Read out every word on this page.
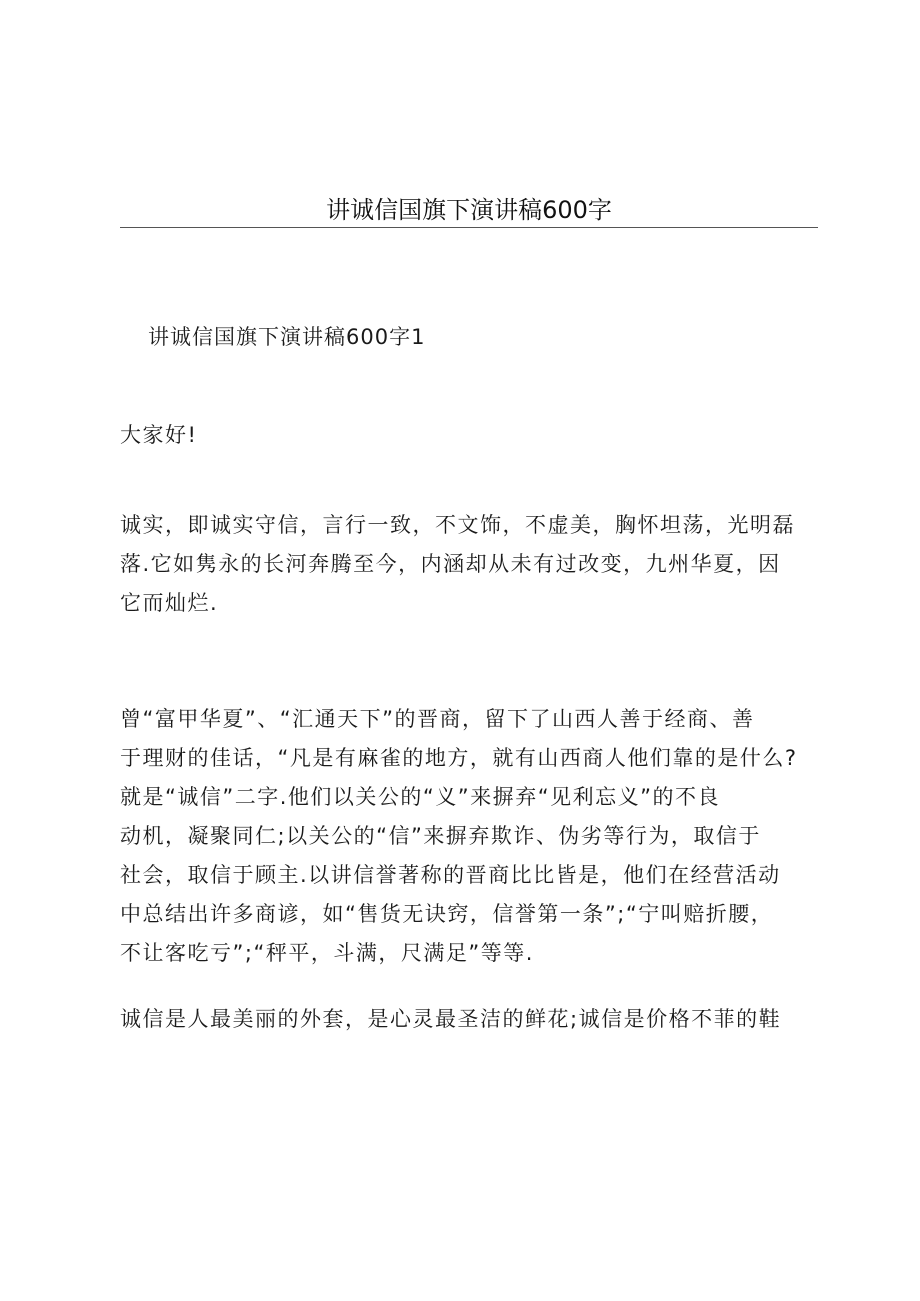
讲诚信国旗下演讲稿600字
讲诚信国旗下演讲稿600字1
大家好!
诚实，即诚实守信，言行一致，不文饰，不虚美，胸怀坦荡，光明磊
落.它如隽永的长河奔腾至今，内涵却从未有过改变，九州华夏，因
它而灿烂.
曾“富甲华夏”、“汇通天下”的晋商，留下了山西人善于经商、善
于理财的佳话，“凡是有麻雀的地方，就有山西商人他们靠的是什么?
就是“诚信”二字.他们以关公的“义”来摒弃“见利忘义”的不良
动机，凝聚同仁;以关公的“信”来摒弃欺诈、伪劣等行为，取信于
社会，取信于顾主.以讲信誉著称的晋商比比皆是，他们在经营活动
中总结出许多商谚，如“售货无诀窍，信誉第一条”;“宁叫赔折腰，
不让客吃亏”;“秤平，斗满，尺满足”等等.
诚信是人最美丽的外套，是心灵最圣洁的鲜花;诚信是价格不菲的鞋
